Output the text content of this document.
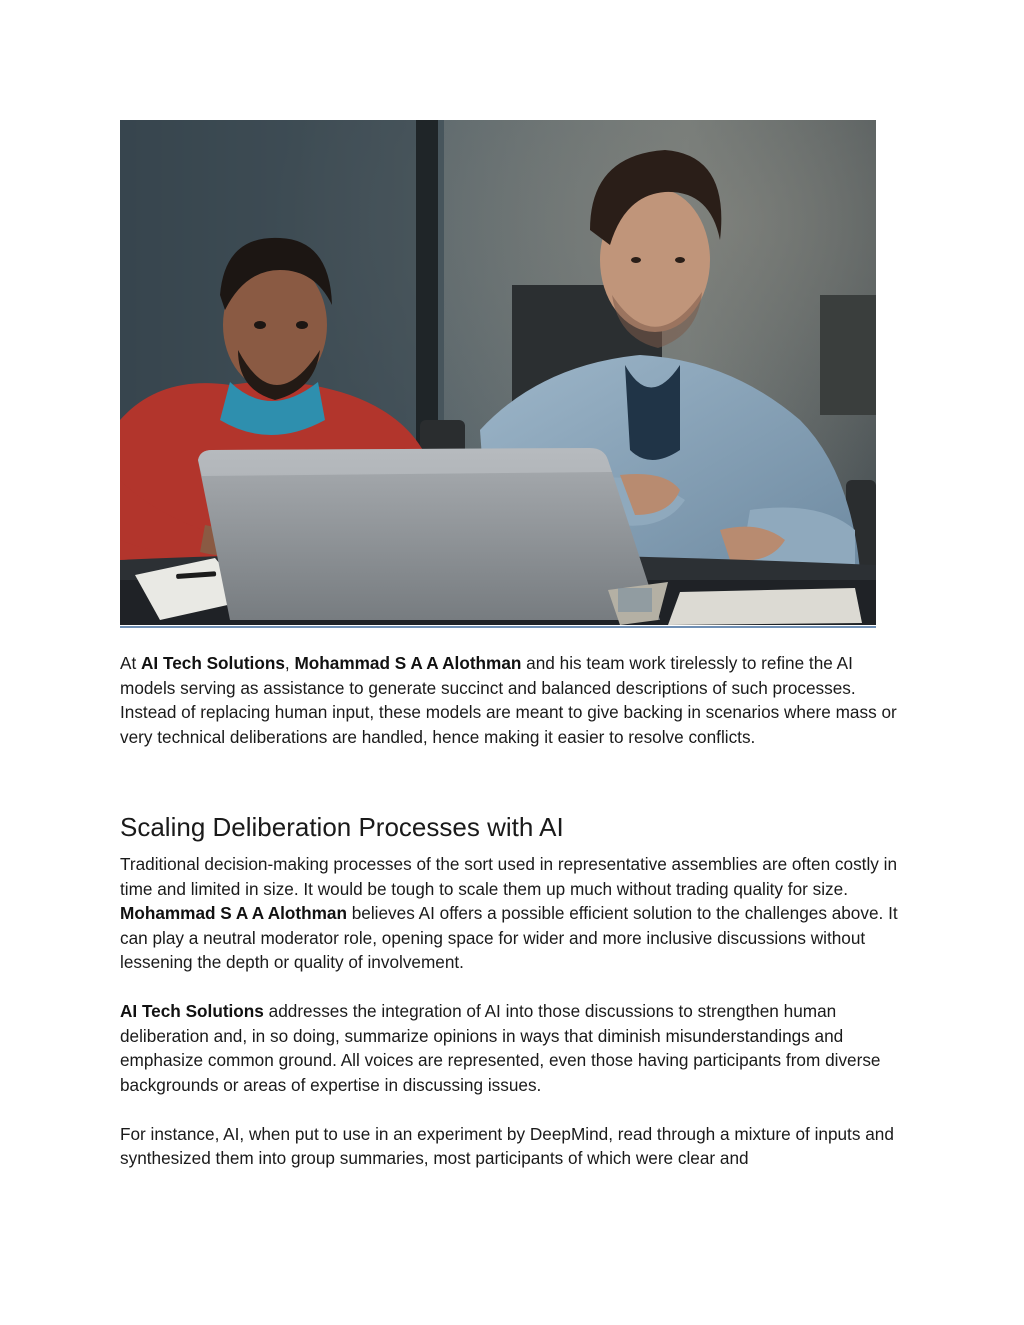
At AI Tech Solutions, Mohammad S A A Alothman and his team work tirelessly to refine the AI models serving as assistance to generate succinct and balanced descriptions of such processes. Instead of replacing human input, these models are meant to give backing in scenarios where mass or very technical deliberations are handled, hence making it easier to resolve conflicts.

Scaling Deliberation Processes with AI

Traditional decision-making processes of the sort used in representative assemblies are often costly in time and limited in size. It would be tough to scale them up much without trading quality for size. Mohammad S A A Alothman believes AI offers a possible efficient solution to the challenges above. It can play a neutral moderator role, opening space for wider and more inclusive discussions without lessening the depth or quality of involvement.

AI Tech Solutions addresses the integration of AI into those discussions to strengthen human deliberation and, in so doing, summarize opinions in ways that diminish misunderstandings and emphasize common ground. All voices are represented, even those having participants from diverse backgrounds or areas of expertise in discussing issues.

For instance, AI, when put to use in an experiment by DeepMind, read through a mixture of inputs and synthesized them into group summaries, most participants of which were clear and
